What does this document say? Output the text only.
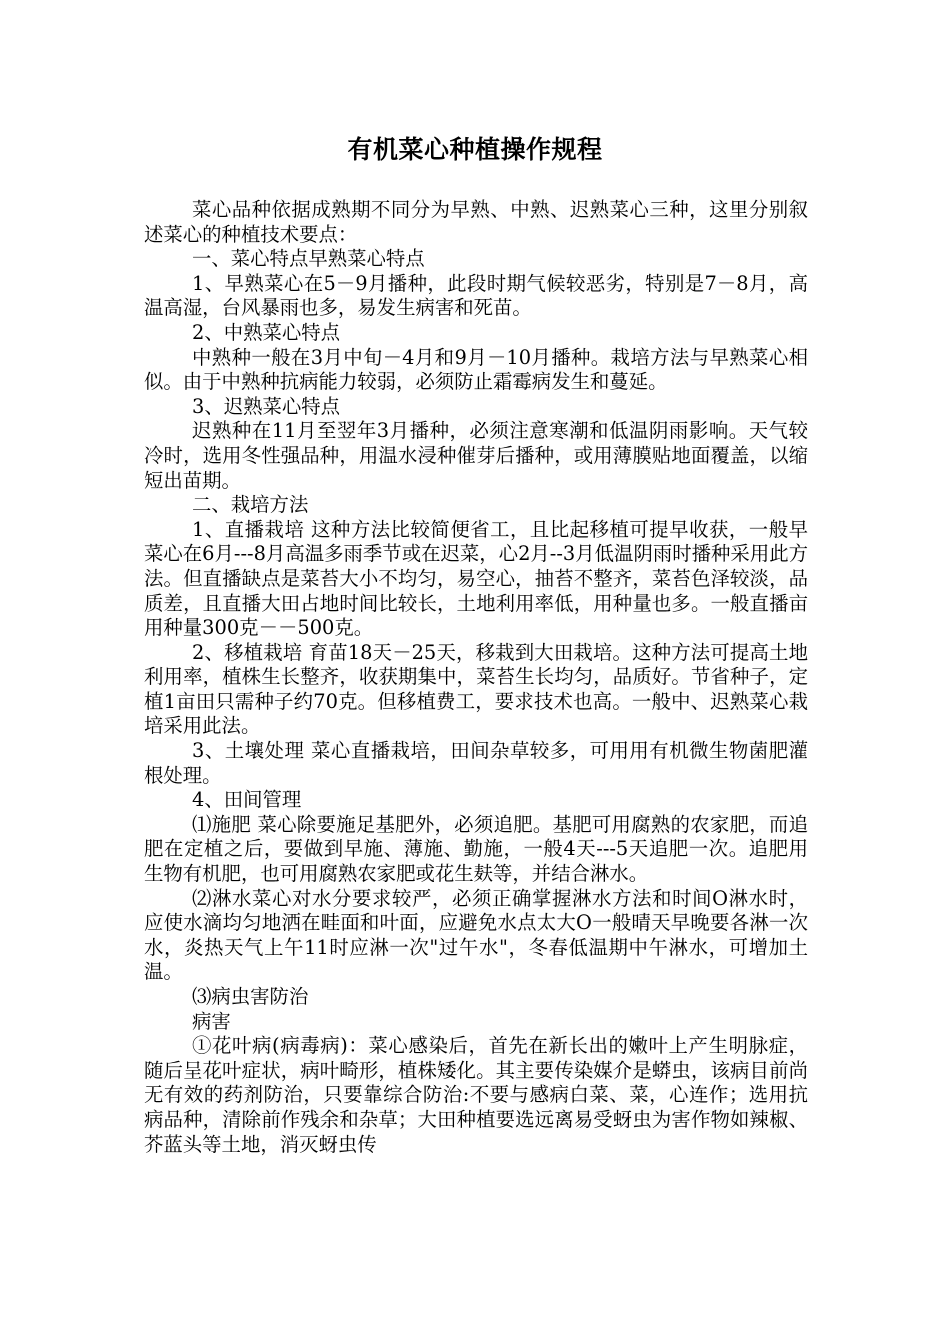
有机菜心种植操作规程

菜心品种依据成熟期不同分为早熟、中熟、迟熟菜心三种，这里分别叙述菜心的种植技术要点：

一、菜心特点早熟菜心特点

1、早熟菜心在5－9月播种，此段时期气候较恶劣，特别是7－8月，高温高湿，台风暴雨也多，易发生病害和死苗。

2、中熟菜心特点

中熟种一般在3月中旬－4月和9月－10月播种。栽培方法与早熟菜心相似。由于中熟种抗病能力较弱，必须防止霜霉病发生和蔓延。

3、迟熟菜心特点

迟熟种在11月至翌年3月播种，必须注意寒潮和低温阴雨影响。天气较冷时，选用冬性强品种，用温水浸种催芽后播种，或用薄膜贴地面覆盖，以缩短出苗期。

二、栽培方法

1、直播栽培 这种方法比较简便省工，且比起移植可提早收获，一般早菜心在6月---8月高温多雨季节或在迟菜，心2月--3月低温阴雨时播种采用此方法。但直播缺点是菜苔大小不均匀，易空心，抽苔不整齐，菜苔色泽较淡，品质差，且直播大田占地时间比较长，土地利用率低，用种量也多。一般直播亩用种量300克－－500克。

2、移植栽培 育苗18天－25天，移栽到大田栽培。这种方法可提高土地利用率，植株生长整齐，收获期集中，菜苔生长均匀，品质好。节省种子，定植1亩田只需种子约70克。但移植费工，要求技术也高。一般中、迟熟菜心栽培采用此法。

3、土壤处理 菜心直播栽培，田间杂草较多，可用用有机微生物菌肥灌根处理。

4、田间管理

⑴施肥 菜心除要施足基肥外，必须追肥。基肥可用腐熟的农家肥，而追肥在定植之后，要做到早施、薄施、勤施，一般4天---5天追肥一次。追肥用生物有机肥，也可用腐熟农家肥或花生麸等，并结合淋水。

⑵淋水菜心对水分要求较严，必须正确掌握淋水方法和时间O淋水时，应使水滴均匀地洒在畦面和叶面，应避免水点太大O一般晴天早晚要各淋一次水，炎热天气上午11时应淋一次"过午水"，冬春低温期中午淋水，可增加土温。

⑶病虫害防治

病害

①花叶病(病毒病)：菜心感染后，首先在新长出的嫩叶上产生明脉症，随后呈花叶症状，病叶畸形，植株矮化。其主要传染媒介是蟒虫，该病目前尚无有效的药剂防治，只要靠综合防治:不要与感病白菜、菜，心连作；选用抗病品种，清除前作残余和杂草；大田种植要选远离易受蚜虫为害作物如辣椒、芥蓝头等土地，消灭蚜虫传
